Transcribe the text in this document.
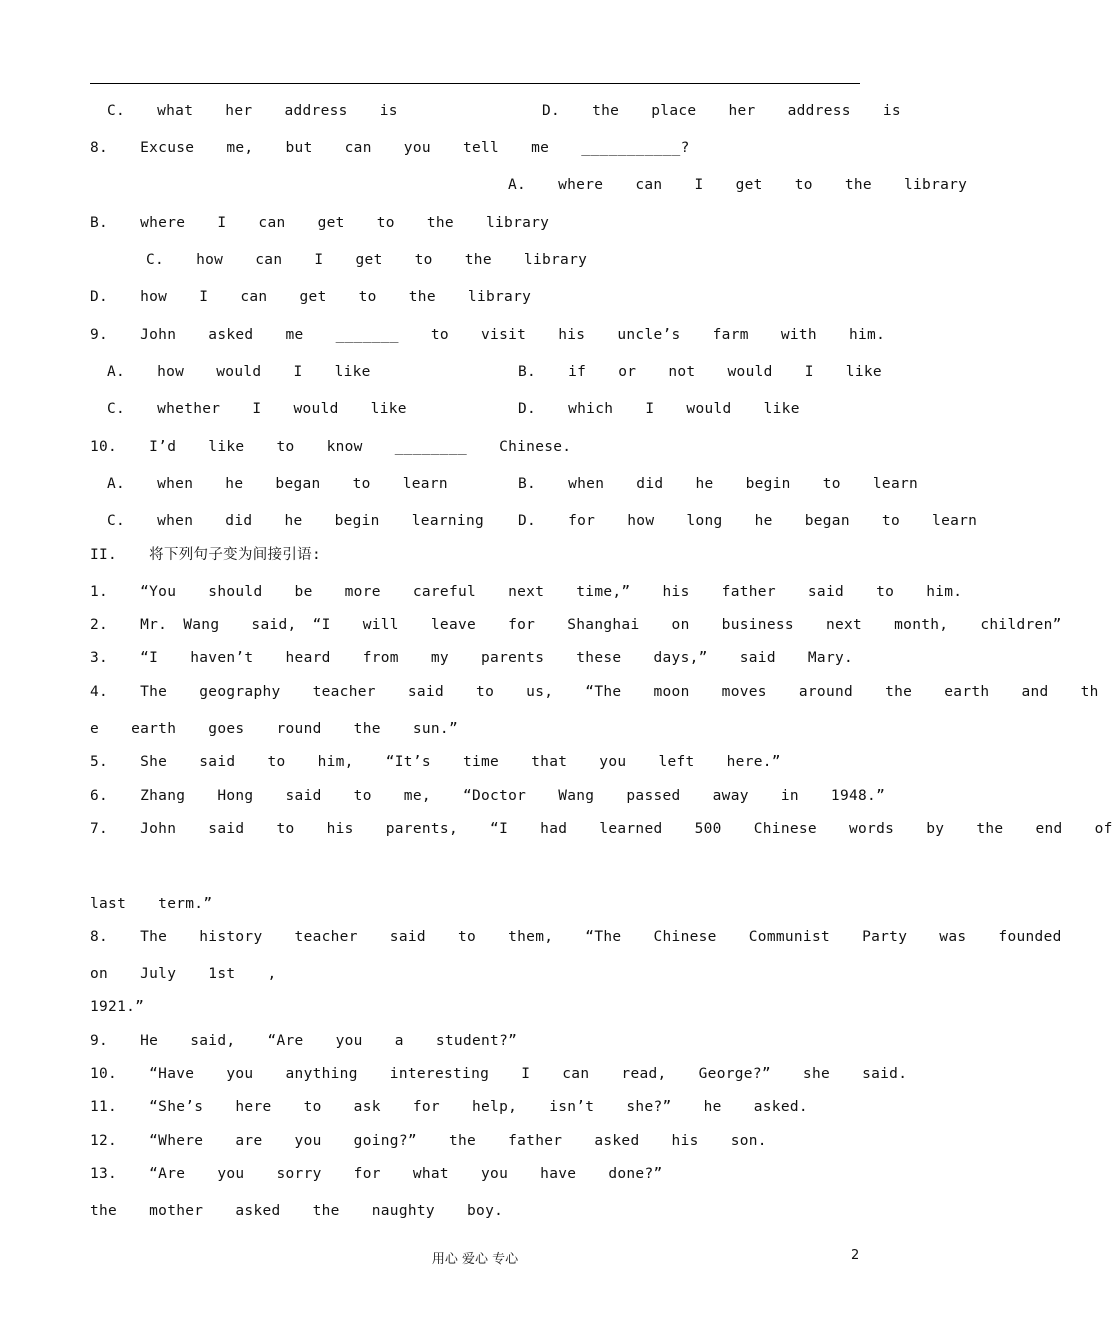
C.  what  her  address  is	D.  the  place  her  address  is
8.  Excuse  me,  but  can  you  tell  me  ___________?
A.  where  can  I  get  to  the  library
B.  where  I  can  get  to  the  library
C.  how  can  I  get  to  the  library
D.  how  I  can  get  to  the  library
9.  John  asked  me  _______  to  visit  his  uncle’s  farm  with  him.
A.  how  would  I  like	B.  if  or  not  would  I  like
C.  whether  I  would  like	D.  which  I  would  like
10.  I’d  like  to  know  ________  Chinese.
A.  when  he  began  to  learn	B.  when  did  he  begin  to  learn
C.  when  did  he  begin  learning D.  for  how  long  he  began  to  learn
II.  将下列句子变为间接引语:
1.  “You  should  be  more  careful  next  time,”  his  father  said  to  him.
2.  Mr. Wang  said, “I  will  leave  for  Shanghai  on  business  next  month,  children”
3.  “I  haven’t  heard  from  my  parents  these  days,”  said  Mary.
4.  The  geography  teacher  said  to  us,  “The  moon  moves  around  the  earth  and  th
e  earth  goes  round  the  sun.”
5.  She  said  to  him,  “It’s  time  that  you  left  here.”
6.  Zhang  Hong  said  to  me,  “Doctor  Wang  passed  away  in  1948.”
7.  John  said  to  his  parents,  “I  had  learned  500  Chinese  words  by  the  end  of
last  term.”
8.  The  history  teacher  said  to  them,  “The  Chinese  Communist  Party  was  founded
on  July  1st  ,
1921.”
9.  He  said,  “Are  you  a  student?”
10.  “Have  you  anything  interesting  I  can  read,  George?”  she  said.
11.  “She’s  here  to  ask  for  help,  isn’t  she?”  he  asked.
12.  “Where  are  you  going?”  the  father  asked  his  son.
13.  “Are  you  sorry  for  what  you  have  done?”
the  mother  asked  the  naughty  boy.
用心 爱心 专心	2
